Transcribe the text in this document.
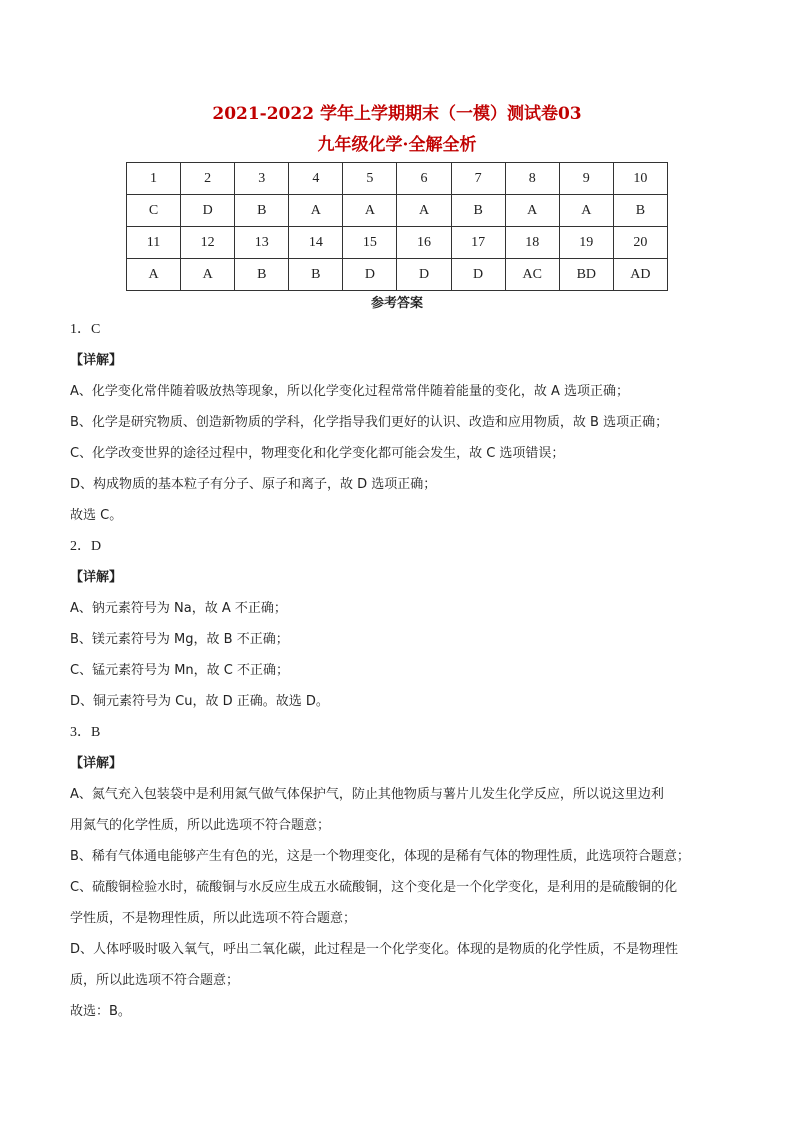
2021-2022 学年上学期期末（一模）测试卷03
九年级化学·全解全析
1	2	3	4	5	6	7	8	9	10
C	D	B	A	A	A	B	A	A	B
11	12	13	14	15	16	17	18	19	20
A	A	B	B	D	D	D	AC	BD	AD
参考答案
1．C
【详解】
A、化学变化常伴随着吸放热等现象，所以化学变化过程常常伴随着能量的变化，故 A 选项正确；
B、化学是研究物质、创造新物质的学科，化学指导我们更好的认识、改造和应用物质，故 B 选项正确；
C、化学改变世界的途径过程中，物理变化和化学变化都可能会发生，故 C 选项错误；
D、构成物质的基本粒子有分子、原子和离子，故 D 选项正确；
故选 C。
2．D
【详解】
A、钠元素符号为 Na，故 A 不正确；
B、镁元素符号为 Mg，故 B 不正确；
C、锰元素符号为 Mn，故 C 不正确；
D、铜元素符号为 Cu，故 D 正确。故选 D。
3．B
【详解】
A、氮气充入包装袋中是利用氮气做气体保护气，防止其他物质与薯片儿发生化学反应，所以说这里边利
用氮气的化学性质，所以此选项不符合题意；
B、稀有气体通电能够产生有色的光，这是一个物理变化，体现的是稀有气体的物理性质，此选项符合题意；
C、硫酸铜检验水时，硫酸铜与水反应生成五水硫酸铜，这个变化是一个化学变化，是利用的是硫酸铜的化
学性质，不是物理性质，所以此选项不符合题意；
D、人体呼吸时吸入氧气，呼出二氧化碳，此过程是一个化学变化。体现的是物质的化学性质，不是物理性
质，所以此选项不符合题意；
故选：B。
